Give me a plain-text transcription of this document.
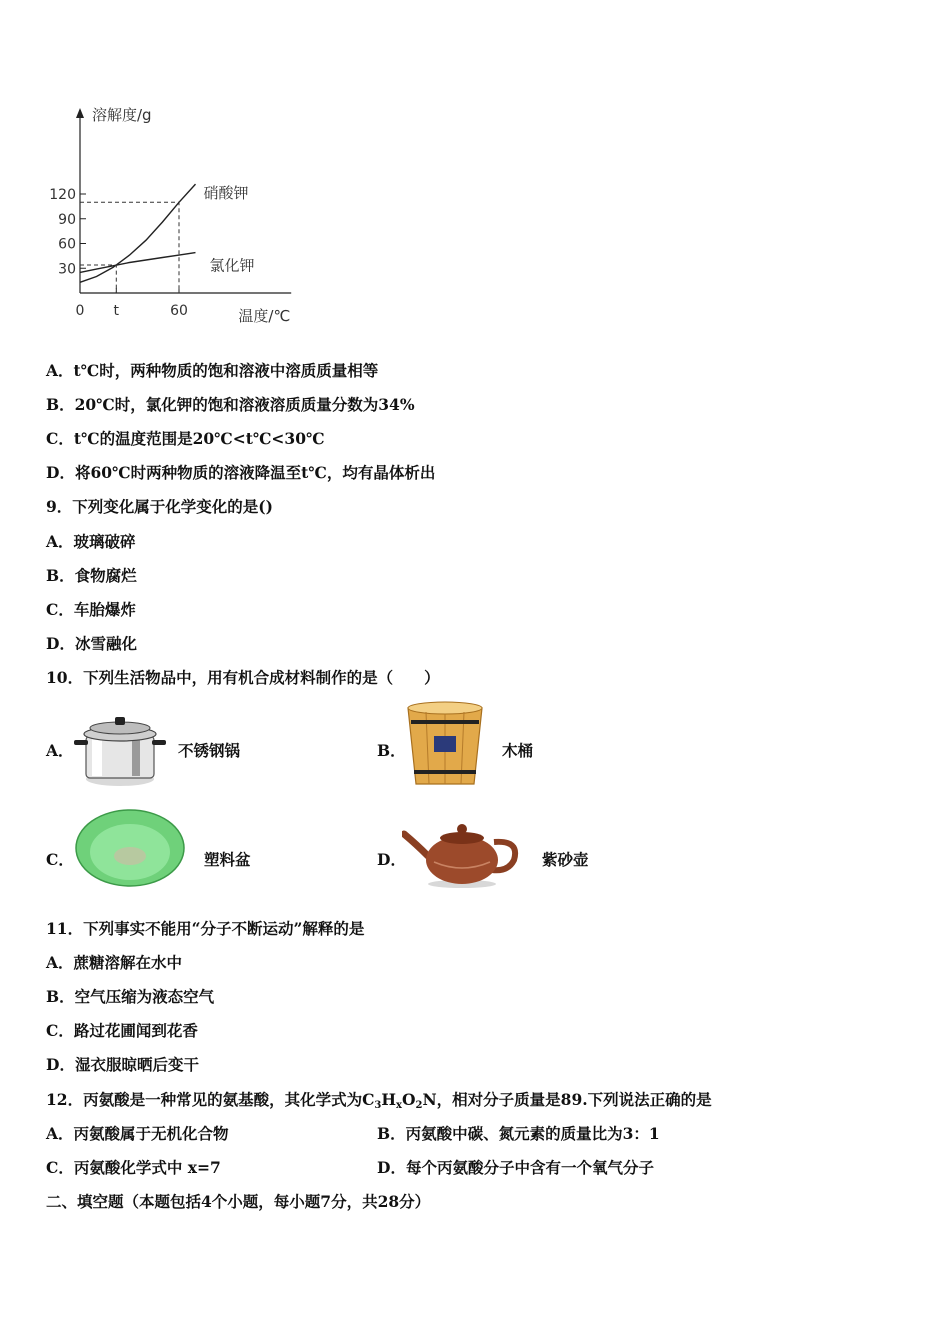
溶解度/g
温度/℃
120
90
60
30
0 t	60
硝酸钾
氯化钾
A．t℃时，两种物质的饱和溶液中溶质质量相等
B．20℃时，氯化钾的饱和溶液溶质质量分数为34%
C．t℃的温度范围是20℃<t℃<30℃
D．将60℃时两种物质的溶液降温至t℃，均有晶体析出
9．下列变化属于化学变化的是()
A．玻璃破碎
B．食物腐烂
C．车胎爆炸
D．冰雪融化
10．下列生活物品中，用有机合成材料制作的是（　　）
A．	不锈钢锅	B．	木桶
C．	塑料盆	D．	紫砂壶
11．下列事实不能用“分子不断运动”解释的是
A．蔗糖溶解在水中
B．空气压缩为液态空气
C．路过花圃闻到花香
D．湿衣服晾晒后变干
12．丙氨酸是一种常见的氨基酸，其化学式为$C_3H_xO_2N$，相对分子质量是89.下列说法正确的是
A．丙氨酸属于无机化合物	B．丙氨酸中碳、氮元素的质量比为3：1
C．丙氨酸化学式中 x=7	D．每个丙氨酸分子中含有一个氧气分子
二、填空题（本题包括4个小题，每小题7分，共28分）
